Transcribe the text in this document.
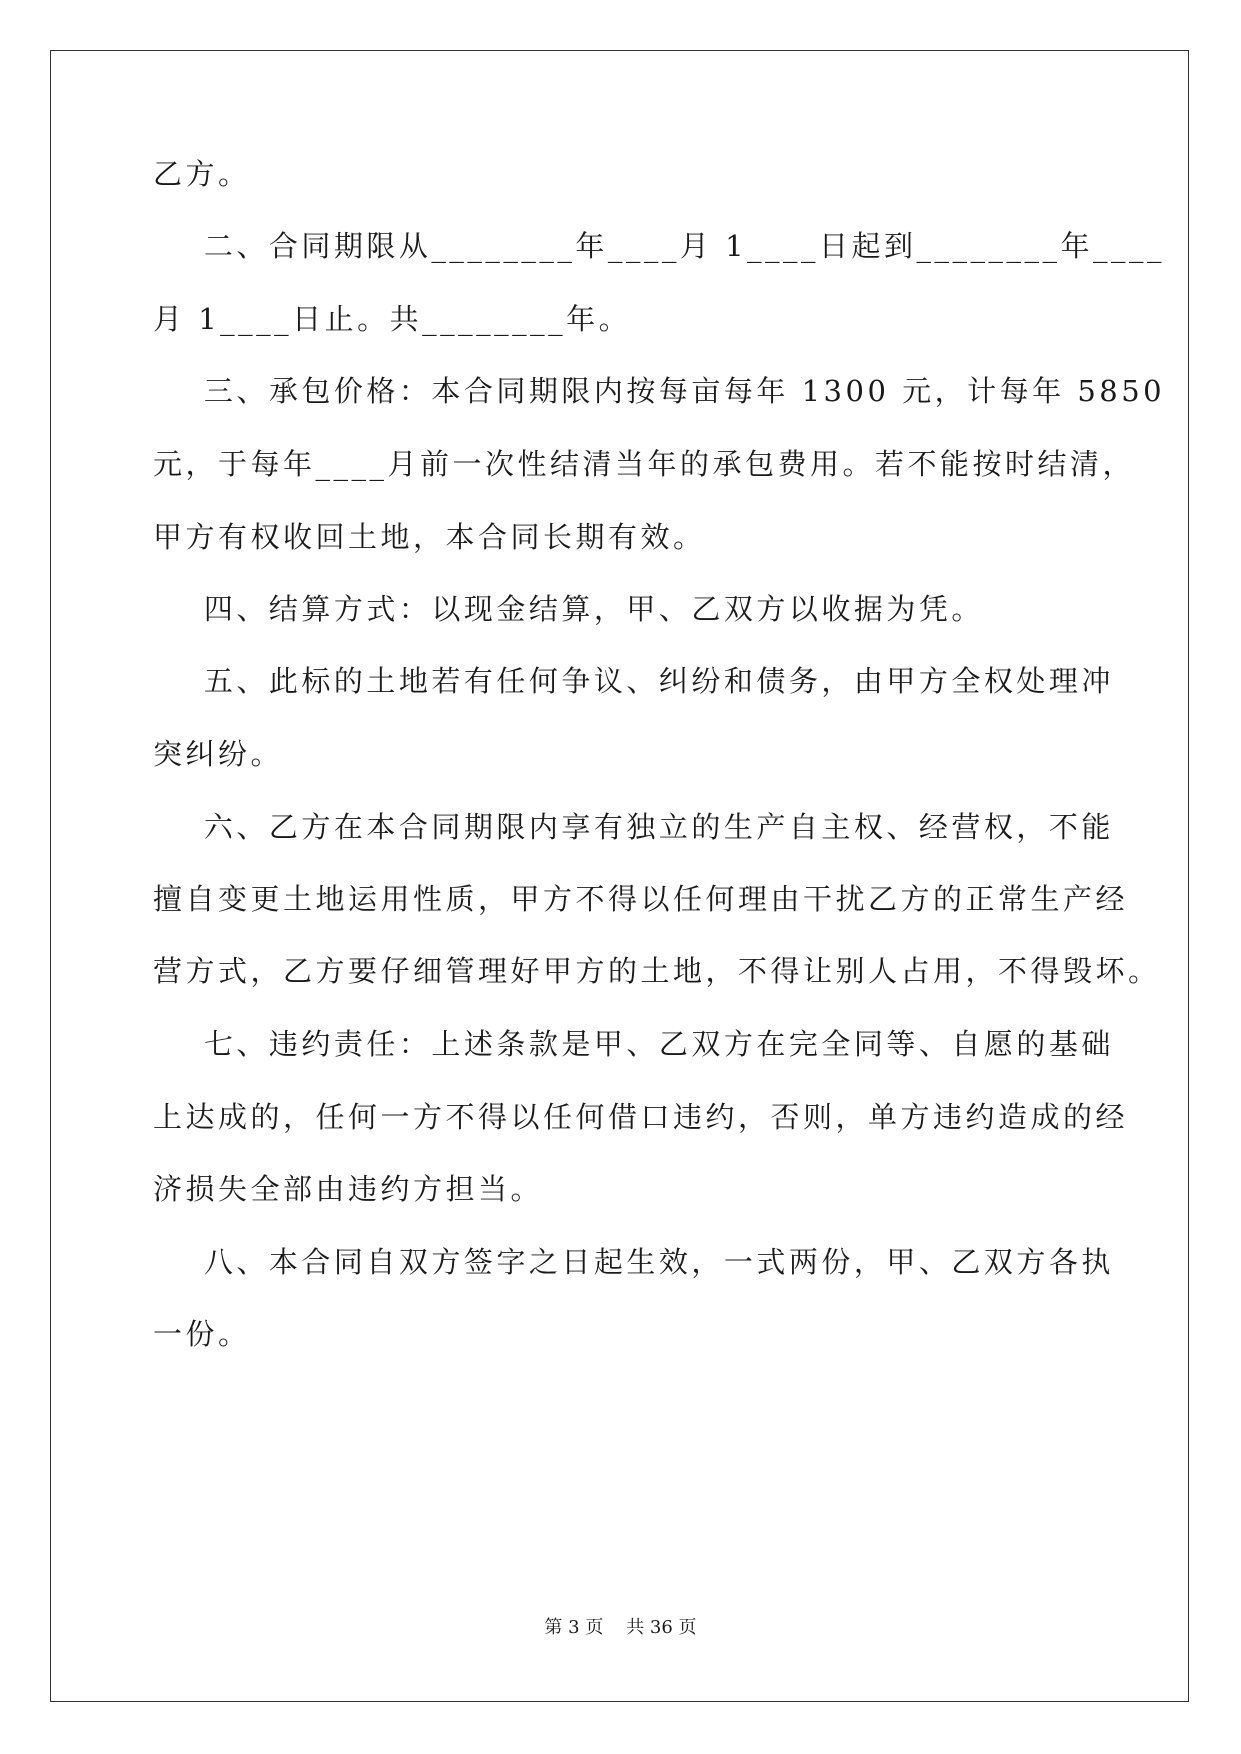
乙方。
二、合同期限从________年____月 1____日起到________年____
月 1____日止。共________年。
三、承包价格：本合同期限内按每亩每年 1300 元，计每年 5850
元，于每年____月前一次性结清当年的承包费用。若不能按时结清，
甲方有权收回土地，本合同长期有效。
四、结算方式：以现金结算，甲、乙双方以收据为凭。
五、此标的土地若有任何争议、纠纷和债务，由甲方全权处理冲
突纠纷。
六、乙方在本合同期限内享有独立的生产自主权、经营权，不能
擅自变更土地运用性质，甲方不得以任何理由干扰乙方的正常生产经
营方式，乙方要仔细管理好甲方的土地，不得让别人占用，不得毁坏。
七、违约责任：上述条款是甲、乙双方在完全同等、自愿的基础
上达成的，任何一方不得以任何借口违约，否则，单方违约造成的经
济损失全部由违约方担当。
八、本合同自双方签字之日起生效，一式两份，甲、乙双方各执
一份。
第 3 页    共 36 页
